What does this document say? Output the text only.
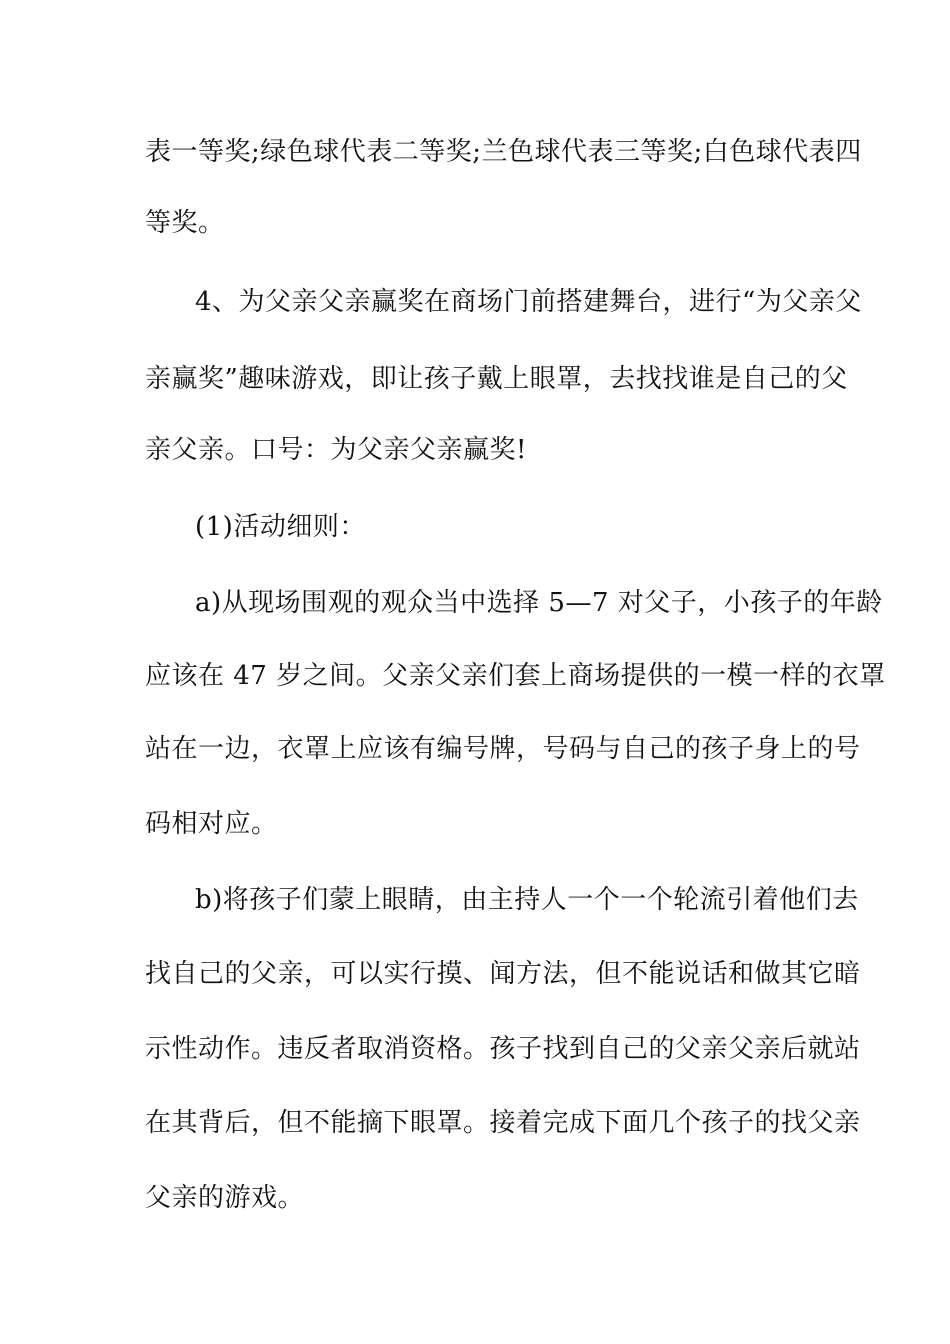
表一等奖;绿色球代表二等奖;兰色球代表三等奖;白色球代表四
等奖。
4、为父亲父亲赢奖在商场门前搭建舞台，进行“为父亲父
亲赢奖”趣味游戏，即让孩子戴上眼罩，去找找谁是自己的父
亲父亲。口号：为父亲父亲赢奖!
(1)活动细则：
a)从现场围观的观众当中选择 5—7 对父子，小孩子的年龄
应该在 47 岁之间。父亲父亲们套上商场提供的一模一样的衣罩
站在一边，衣罩上应该有编号牌，号码与自己的孩子身上的号
码相对应。
b)将孩子们蒙上眼睛，由主持人一个一个轮流引着他们去
找自己的父亲，可以实行摸、闻方法，但不能说话和做其它暗
示性动作。违反者取消资格。孩子找到自己的父亲父亲后就站
在其背后，但不能摘下眼罩。接着完成下面几个孩子的找父亲
父亲的游戏。
